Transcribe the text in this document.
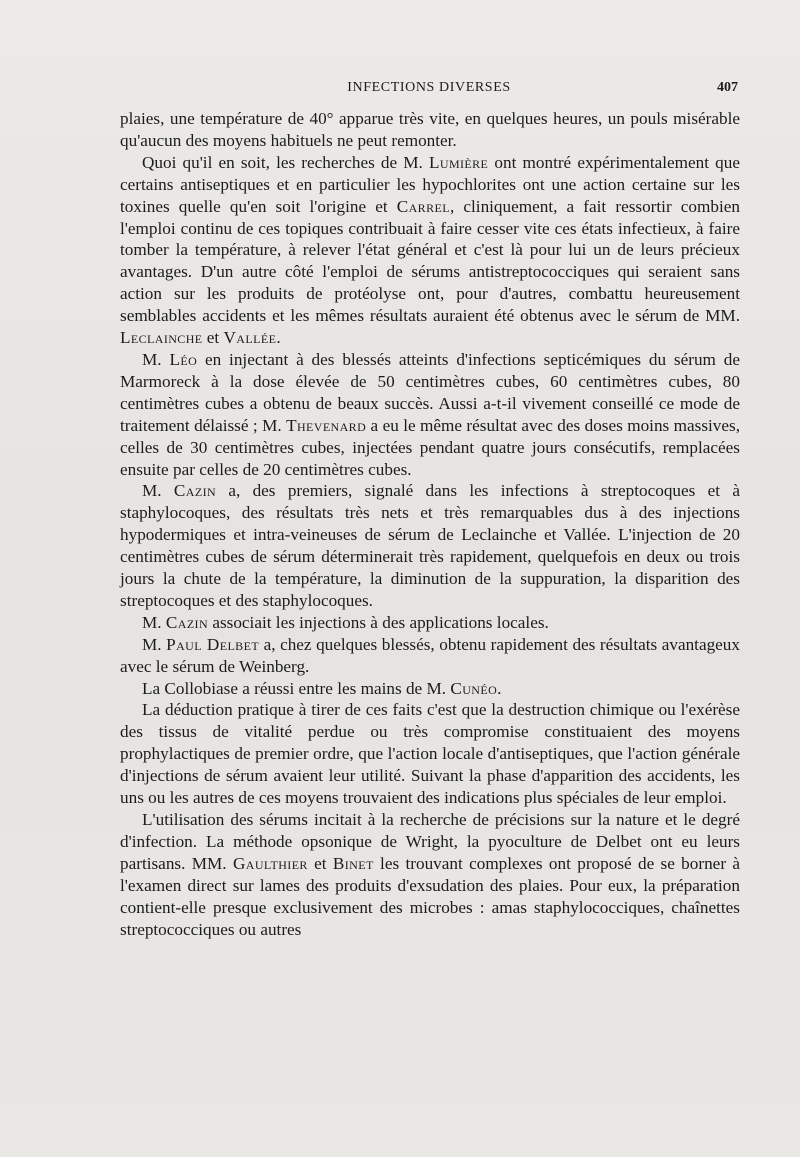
INFECTIONS DIVERSES	407

plaies, une température de 40° apparue très vite, en quelques heures, un pouls misérable qu'aucun des moyens habituels ne peut remonter.

Quoi qu'il en soit, les recherches de M. Lumière ont montré expérimentalement que certains antiseptiques et en particulier les hypochlorites ont une action certaine sur les toxines quelle qu'en soit l'origine et Carrel, cliniquement, a fait ressortir combien l'emploi continu de ces topiques contribuait à faire cesser vite ces états infectieux, à faire tomber la température, à relever l'état général et c'est là pour lui un de leurs précieux avantages. D'un autre côté l'emploi de sérums antistreptococciques qui seraient sans action sur les produits de protéolyse ont, pour d'autres, combattu heureusement semblables accidents et les mêmes résultats auraient été obtenus avec le sérum de MM. Leclainche et Vallée.

M. Léo en injectant à des blessés atteints d'infections septicémiques du sérum de Marmoreck à la dose élevée de 50 centimètres cubes, 60 centimètres cubes, 80 centimètres cubes a obtenu de beaux succès. Aussi a-t-il vivement conseillé ce mode de traitement délaissé ; M. Thevenard a eu le même résultat avec des doses moins massives, celles de 30 centimètres cubes, injectées pendant quatre jours consécutifs, remplacées ensuite par celles de 20 centimètres cubes.

M. Cazin a, des premiers, signalé dans les infections à streptocoques et à staphylocoques, des résultats très nets et très remarquables dus à des injections hypodermiques et intra-veineuses de sérum de Leclainche et Vallée. L'injection de 20 centimètres cubes de sérum déterminerait très rapidement, quelquefois en deux ou trois jours la chute de la température, la diminution de la suppuration, la disparition des streptocoques et des staphylocoques.

M. Cazin associait les injections à des applications locales.

M. Paul Delbet a, chez quelques blessés, obtenu rapidement des résultats avantageux avec le sérum de Weinberg.

La Collobiase a réussi entre les mains de M. Cunéo.

La déduction pratique à tirer de ces faits c'est que la destruction chimique ou l'exérèse des tissus de vitalité perdue ou très compromise constituaient des moyens prophylactiques de premier ordre, que l'action locale d'antiseptiques, que l'action générale d'injections de sérum avaient leur utilité. Suivant la phase d'apparition des accidents, les uns ou les autres de ces moyens trouvaient des indications plus spéciales de leur emploi.

L'utilisation des sérums incitait à la recherche de précisions sur la nature et le degré d'infection. La méthode opsonique de Wright, la pyoculture de Delbet ont eu leurs partisans. MM. Gaulthier et Binet les trouvant complexes ont proposé de se borner à l'examen direct sur lames des produits d'exsudation des plaies. Pour eux, la préparation contient-elle presque exclusivement des microbes : amas staphylococciques, chaînettes streptococciques ou autres
